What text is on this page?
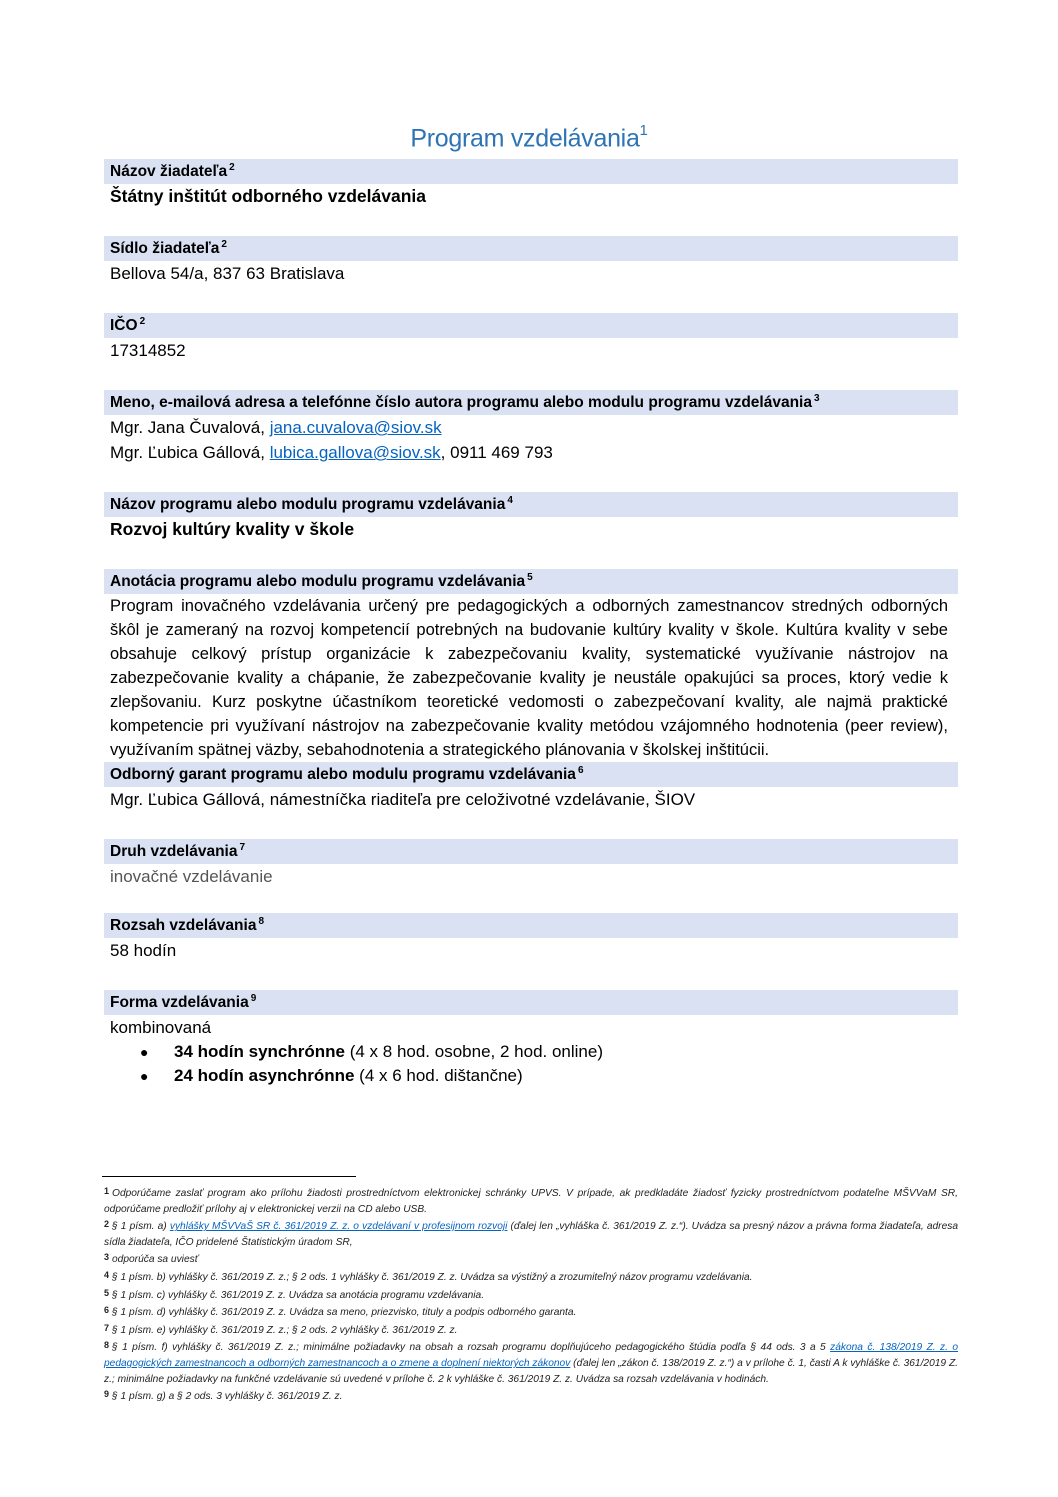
Program vzdelávania$^1$
Názov žiadateľa $^2$
Štátny inštitút odborného vzdelávania
Sídlo žiadateľa $^2$
Bellova 54/a, 837 63 Bratislava
IČO $^2$
17314852
Meno, e-mailová adresa a telefónne číslo autora programu alebo modulu programu vzdelávania $^3$
Mgr. Jana Čuvalová, jana.cuvalova@siov.sk
Mgr. Ľubica Gállová, lubica.gallova@siov.sk, 0911 469 793
Názov programu alebo modulu programu vzdelávania $^4$
Rozvoj kultúry kvality v škole
Anotácia programu alebo modulu programu vzdelávania $^5$
Program inovačného vzdelávania určený pre pedagogických a odborných zamestnancov stredných odborných škôl je zameraný na rozvoj kompetencií potrebných na budovanie kultúry kvality v škole. Kultúra kvality v sebe obsahuje celkový prístup organizácie k zabezpečovaniu kvality, systematické využívanie nástrojov na zabezpečovanie kvality a chápanie, že zabezpečovanie kvality je neustále opakujúci sa proces, ktorý vedie k zlepšovaniu. Kurz poskytne účastníkom teoretické vedomosti o zabezpečovaní kvality, ale najmä praktické kompetencie pri využívaní nástrojov na zabezpečovanie kvality metódou vzájomného hodnotenia (peer review), využívaním spätnej väzby, sebahodnotenia a strategického plánovania v školskej inštitúcii.
Odborný garant programu alebo modulu programu vzdelávania $^6$
Mgr. Ľubica Gállová, námestníčka riaditeľa pre celoživotné vzdelávanie, ŠIOV
Druh vzdelávania $^7$
inovačné vzdelávanie
Rozsah vzdelávania $^8$
58 hodín
Forma vzdelávania $^9$
kombinovaná
● 34 hodín synchrónne (4 x 8 hod. osobne, 2 hod. online)
● 24 hodín asynchrónne (4 x 6 hod. dištančne)
1 Odporúčame zaslať program ako prílohu žiadosti prostredníctvom elektronickej schránky UPVS. V prípade, ak predkladáte žiadosť fyzicky prostredníctvom podateľne MŠVVaM SR, odporúčame predložiť prílohy aj v elektronickej verzii na CD alebo USB.
2 § 1 písm. a) vyhlášky MŠVVaŠ SR č. 361/2019 Z. z. o vzdelávaní v profesijnom rozvoji (ďalej len „vyhláška č. 361/2019 Z. z.“). Uvádza sa presný názov a právna forma žiadateľa, adresa sídla žiadateľa, IČO pridelené Štatistickým úradom SR,
3 odporúča sa uviesť
4 § 1 písm. b) vyhlášky č. 361/2019 Z. z.; § 2 ods. 1 vyhlášky č. 361/2019 Z. z. Uvádza sa výstižný a zrozumiteľný názov programu vzdelávania.
5 § 1 písm. c) vyhlášky č. 361/2019 Z. z. Uvádza sa anotácia programu vzdelávania.
6 § 1 písm. d) vyhlášky č. 361/2019 Z. z. Uvádza sa meno, priezvisko, tituly a podpis odborného garanta.
7 § 1 písm. e) vyhlášky č. 361/2019 Z. z.; § 2 ods. 2 vyhlášky č. 361/2019 Z. z.
8 § 1 písm. f) vyhlášky č. 361/2019 Z. z.; minimálne požiadavky na obsah a rozsah programu doplňujúceho pedagogického štúdia podľa § 44 ods. 3 a 5 zákona č. 138/2019 Z. z. o pedagogických zamestnancoch a odborných zamestnancoch a o zmene a doplnení niektorých zákonov (ďalej len „zákon č. 138/2019 Z. z.“) a v prílohe č. 1, časti A k vyhláške č. 361/2019 Z. z.; minimálne požiadavky na funkčné vzdelávanie sú uvedené v prílohe č. 2 k vyhláške č. 361/2019 Z. z. Uvádza sa rozsah vzdelávania v hodinách.
9 § 1 písm. g) a § 2 ods. 3 vyhlášky č. 361/2019 Z. z.
